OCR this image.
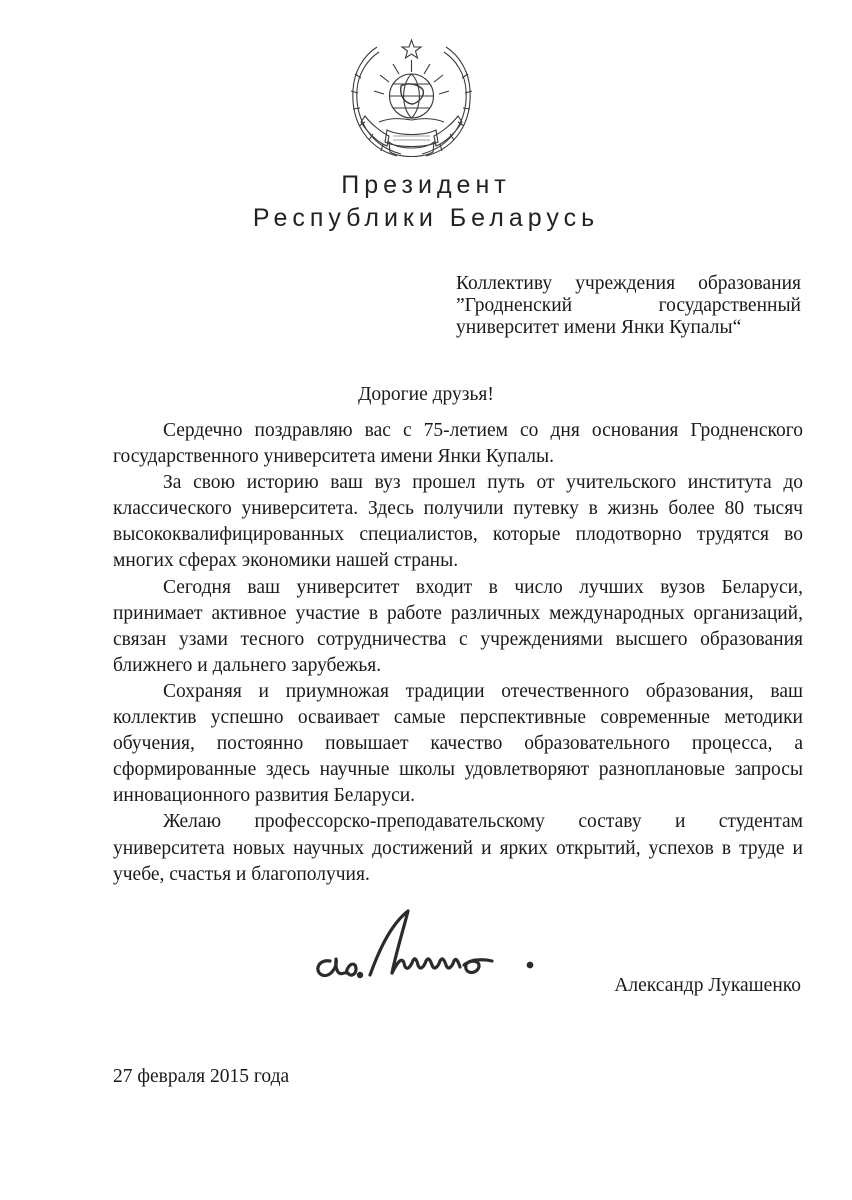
Президент
Республики Беларусь
Коллективу учреждения образования
”Гродненский государственный
университет имени Янки Купалы“
Дорогие друзья!

Сердечно поздравляю вас с 75-летием со дня основания Гродненского государственного университета имени Янки Купалы.

За свою историю ваш вуз прошел путь от учительского института до классического университета. Здесь получили путевку в жизнь более 80 тысяч высококвалифицированных специалистов, которые плодотворно трудятся во многих сферах экономики нашей страны.

Сегодня ваш университет входит в число лучших вузов Беларуси, принимает активное участие в работе различных международных организаций, связан узами тесного сотрудничества с учреждениями высшего образования ближнего и дальнего зарубежья.

Сохраняя и приумножая традиции отечественного образования, ваш коллектив успешно осваивает самые перспективные современные методики обучения, постоянно повышает качество образовательного процесса, а сформированные здесь научные школы удовлетворяют разноплановые запросы инновационного развития Беларуси.

Желаю профессорско-преподавательскому составу и студентам университета новых научных достижений и ярких открытий, успехов в труде и учебе, счастья и благополучия.

Александр Лукашенко
27 февраля 2015 года
